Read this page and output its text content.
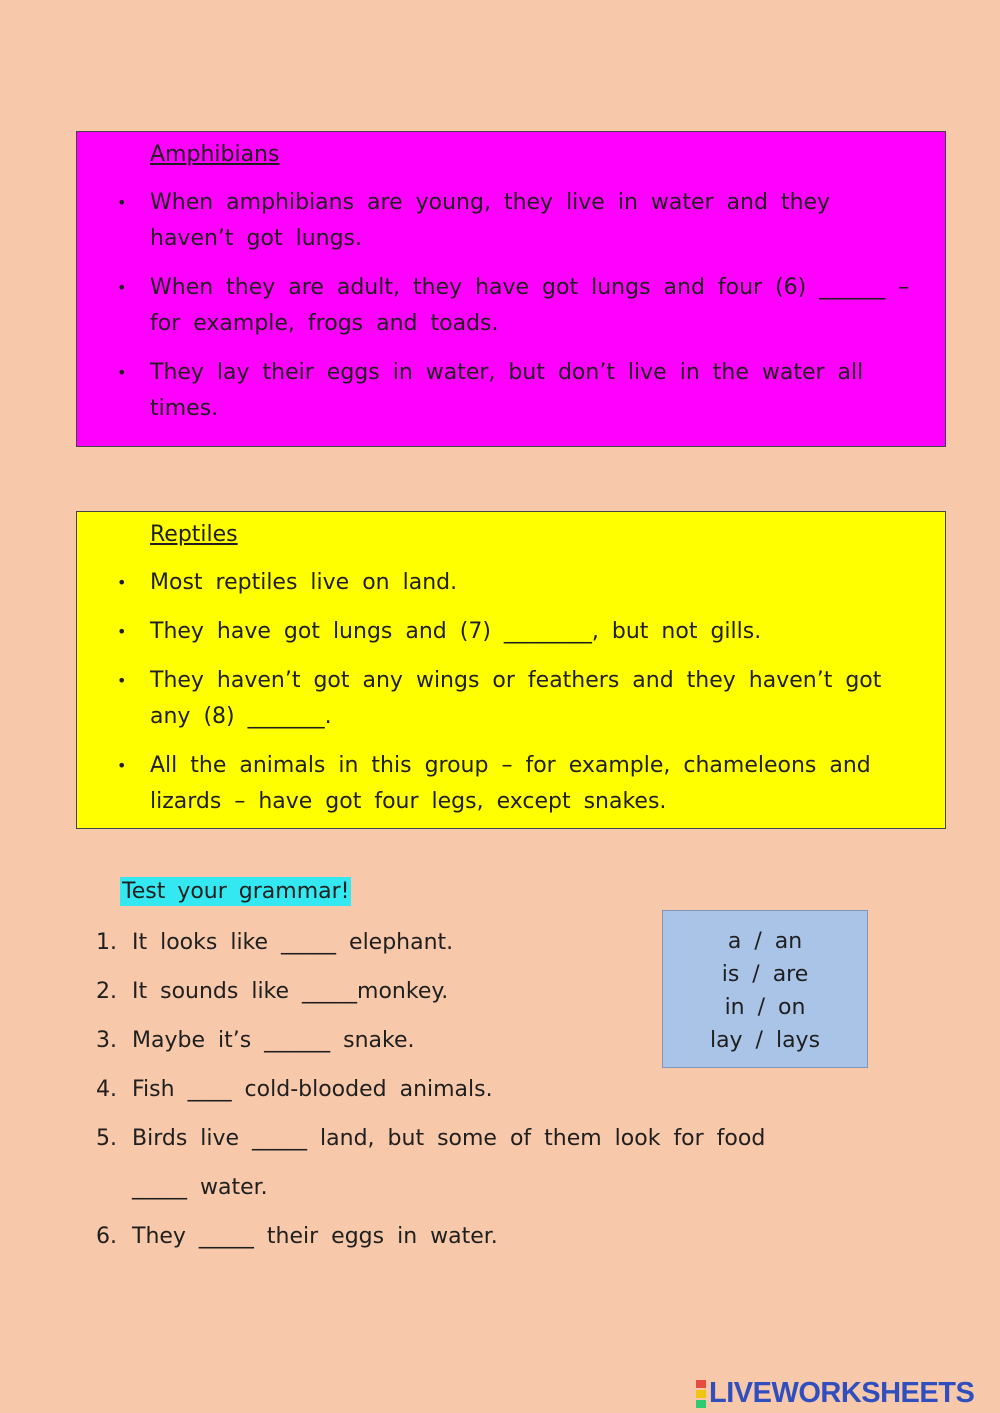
Amphibians
• When amphibians are young, they live in water and they haven’t got lungs.
• When they are adult, they have got lungs and four (6) ______ – for example, frogs and toads.
• They lay their eggs in water, but don’t live in the water all times.
Reptiles
• Most reptiles live on land.
• They have got lungs and (7) ________, but not gills.
• They haven’t got any wings or feathers and they haven’t got any (8) _______.
• All the animals in this group – for example, chameleons and lizards – have got four legs, except snakes.
Test your grammar!
1. It looks like _____ elephant.
2. It sounds like _____monkey.
3. Maybe it’s ______ snake.
4. Fish ____ cold-blooded animals.
5. Birds live _____ land, but some of them look for food
_____ water.
6. They _____ their eggs in water.
a / an
is / are
in / on
lay / lays
LIVEWORKSHEETS
